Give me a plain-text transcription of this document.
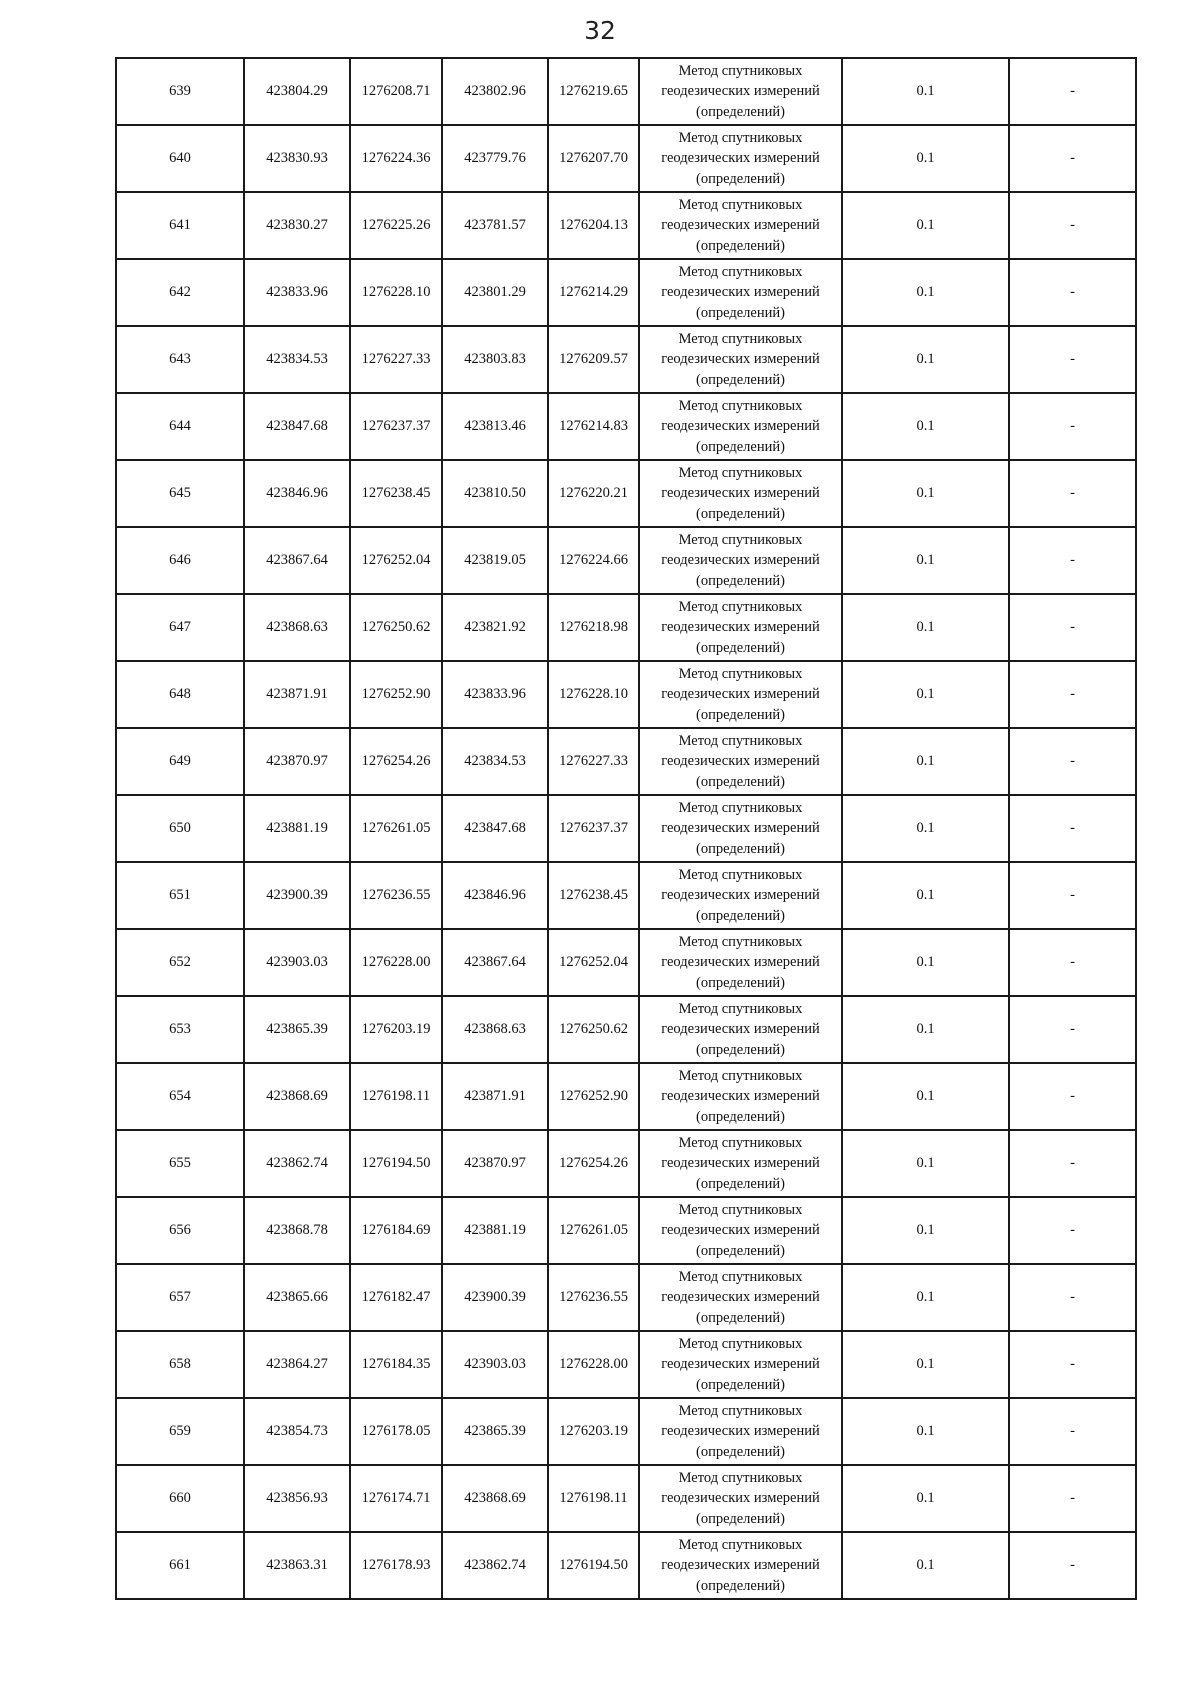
32
639	423804.29	1276208.71	423802.96	1276219.65	Метод спутниковых
геодезических измерений
(определений)	0.1	-
640	423830.93	1276224.36	423779.76	1276207.70	Метод спутниковых
геодезических измерений
(определений)	0.1	-
641	423830.27	1276225.26	423781.57	1276204.13	Метод спутниковых
геодезических измерений
(определений)	0.1	-
642	423833.96	1276228.10	423801.29	1276214.29	Метод спутниковых
геодезических измерений
(определений)	0.1	-
643	423834.53	1276227.33	423803.83	1276209.57	Метод спутниковых
геодезических измерений
(определений)	0.1	-
644	423847.68	1276237.37	423813.46	1276214.83	Метод спутниковых
геодезических измерений
(определений)	0.1	-
645	423846.96	1276238.45	423810.50	1276220.21	Метод спутниковых
геодезических измерений
(определений)	0.1	-
646	423867.64	1276252.04	423819.05	1276224.66	Метод спутниковых
геодезических измерений
(определений)	0.1	-
647	423868.63	1276250.62	423821.92	1276218.98	Метод спутниковых
геодезических измерений
(определений)	0.1	-
648	423871.91	1276252.90	423833.96	1276228.10	Метод спутниковых
геодезических измерений
(определений)	0.1	-
649	423870.97	1276254.26	423834.53	1276227.33	Метод спутниковых
геодезических измерений
(определений)	0.1	-
650	423881.19	1276261.05	423847.68	1276237.37	Метод спутниковых
геодезических измерений
(определений)	0.1	-
651	423900.39	1276236.55	423846.96	1276238.45	Метод спутниковых
геодезических измерений
(определений)	0.1	-
652	423903.03	1276228.00	423867.64	1276252.04	Метод спутниковых
геодезических измерений
(определений)	0.1	-
653	423865.39	1276203.19	423868.63	1276250.62	Метод спутниковых
геодезических измерений
(определений)	0.1	-
654	423868.69	1276198.11	423871.91	1276252.90	Метод спутниковых
геодезических измерений
(определений)	0.1	-
655	423862.74	1276194.50	423870.97	1276254.26	Метод спутниковых
геодезических измерений
(определений)	0.1	-
656	423868.78	1276184.69	423881.19	1276261.05	Метод спутниковых
геодезических измерений
(определений)	0.1	-
657	423865.66	1276182.47	423900.39	1276236.55	Метод спутниковых
геодезических измерений
(определений)	0.1	-
658	423864.27	1276184.35	423903.03	1276228.00	Метод спутниковых
геодезических измерений
(определений)	0.1	-
659	423854.73	1276178.05	423865.39	1276203.19	Метод спутниковых
геодезических измерений
(определений)	0.1	-
660	423856.93	1276174.71	423868.69	1276198.11	Метод спутниковых
геодезических измерений
(определений)	0.1	-
661	423863.31	1276178.93	423862.74	1276194.50	Метод спутниковых
геодезических измерений
(определений)	0.1	-
